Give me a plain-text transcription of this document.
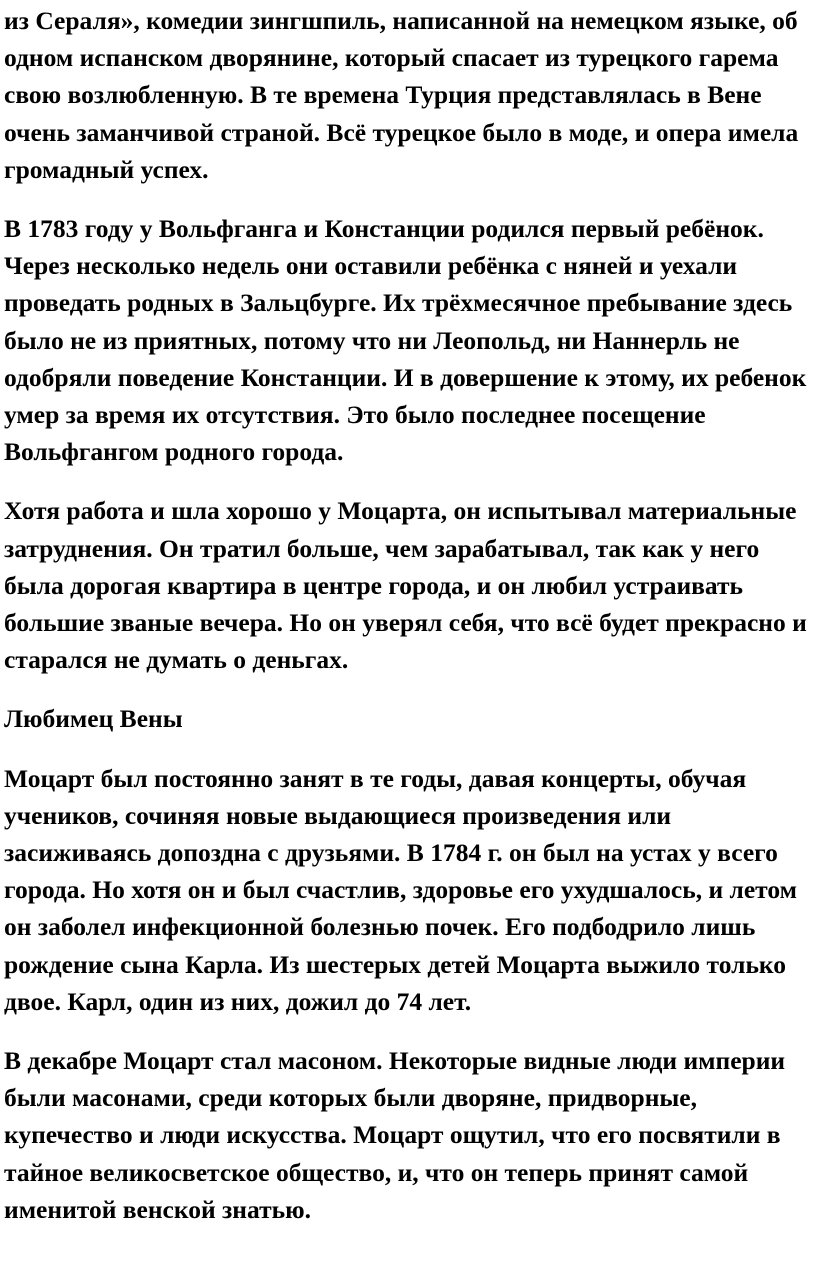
из Сераля», комедии зингшпиль, написанной на немецком языке, об одном испанском дворянине, который спасает из турецкого гарема свою возлюбленную. В те времена Турция представлялась в Вене очень заманчивой страной. Всё турецкое было в моде, и опера имела громадный успех.

В 1783 году у Вольфганга и Констанции родился первый ребёнок. Через несколько недель они оставили ребёнка с няней и уехали проведать родных в Зальцбурге. Их трёхмесячное пребывание здесь было не из приятных, потому что ни Леопольд, ни Наннерль не одобряли поведение Констанции. И в довершение к этому, их ребенок умер за время их отсутствия. Это было последнее посещение Вольфгангом родного города.

Хотя работа и шла хорошо у Моцарта, он испытывал материальные затруднения. Он тратил больше, чем зарабатывал, так как у него была дорогая квартира в центре города, и он любил устраивать большие званые вечера. Но он уверял себя, что всё будет прекрасно и старался не думать о деньгах.

Любимец Вены

Моцарт был постоянно занят в те годы, давая концерты, обучая учеников, сочиняя новые выдающиеся произведения или засиживаясь допоздна с друзьями. В 1784 г. он был на устах у всего города. Но хотя он и был счастлив, здоровье его ухудшалось, и летом он заболел инфекционной болезнью почек. Его подбодрило лишь рождение сына Карла. Из шестерых детей Моцарта выжило только двое. Карл, один из них, дожил до 74 лет.

В декабре Моцарт стал масоном. Некоторые видные люди империи были масонами, среди которых были дворяне, придворные, купечество и люди искусства. Моцарт ощутил, что его посвятили в тайное великосветское общество, и, что он теперь принят самой именитой венской знатью.
